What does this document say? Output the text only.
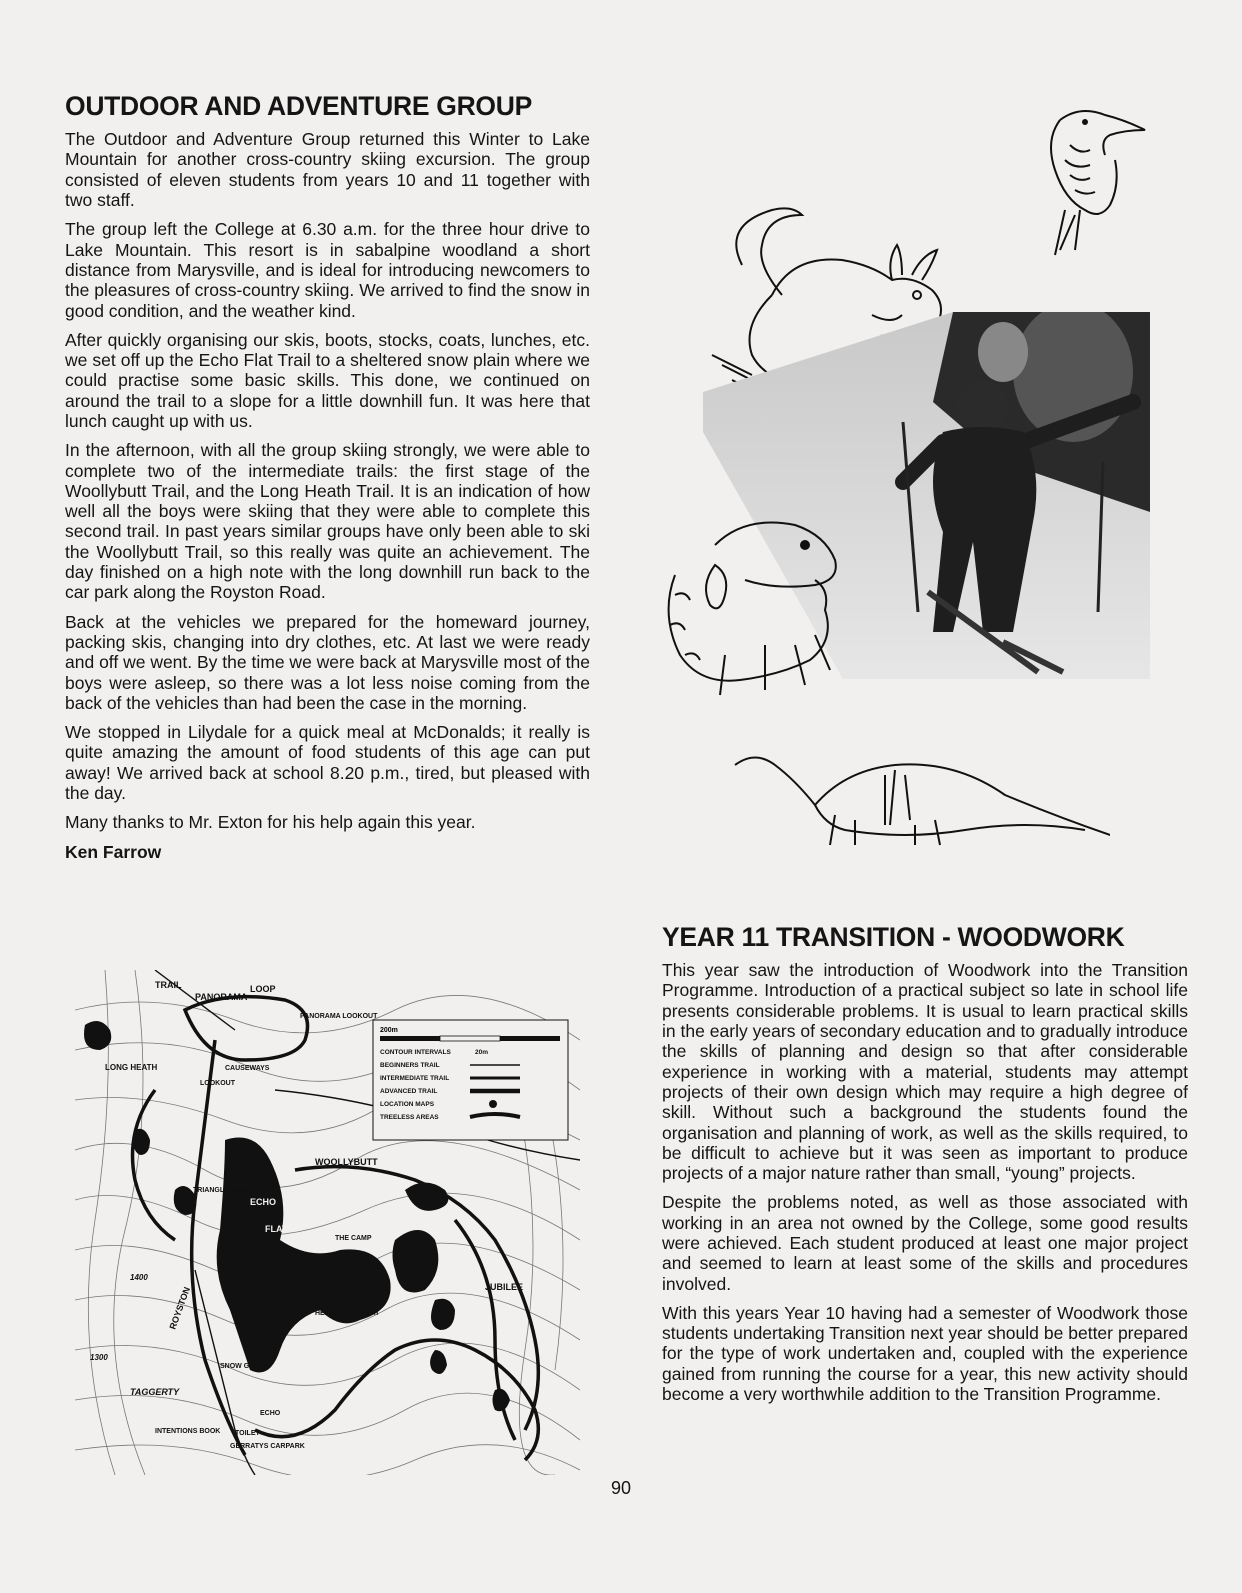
OUTDOOR AND ADVENTURE GROUP

The Outdoor and Adventure Group returned this Winter to Lake Mountain for another cross-country skiing excursion. The group consisted of eleven students from years 10 and 11 together with two staff.

The group left the College at 6.30 a.m. for the three hour drive to Lake Mountain. This resort is in sabalpine woodland a short distance from Marysville, and is ideal for introducing newcomers to the pleasures of cross-country skiing. We arrived to find the snow in good condition, and the weather kind.

After quickly organising our skis, boots, stocks, coats, lunches, etc. we set off up the Echo Flat Trail to a sheltered snow plain where we could practise some basic skills. This done, we continued on around the trail to a slope for a little downhill fun. It was here that lunch caught up with us.

In the afternoon, with all the group skiing strongly, we were able to complete two of the intermediate trails: the first stage of the Woollybutt Trail, and the Long Heath Trail. It is an indication of how well all the boys were skiing that they were able to complete this second trail. In past years similar groups have only been able to ski the Woollybutt Trail, so this really was quite an achievement. The day finished on a high note with the long downhill run back to the car park along the Royston Road.

Back at the vehicles we prepared for the homeward journey, packing skis, changing into dry clothes, etc. At last we were ready and off we went. By the time we were back at Marysville most of the boys were asleep, so there was a lot less noise coming from the back of the vehicles than had been the case in the morning.

We stopped in Lilydale for a quick meal at McDonalds; it really is quite amazing the amount of food students of this age can put away! We arrived back at school 8.20 p.m., tired, but pleased with the day.

Many thanks to Mr. Exton for his help again this year.

Ken Farrow
PANORAMA
LOOP
PANORAMA LOOKOUT
TRAIL
ECHO
FLAT
TRIANGLE JUNCTION
WOOLLYBUTT
THE CAMP
LITTLE
HELICOPTER FLAT
JUBILEE
ROYSTON
SNOW GAUGE
TAGGERTY
TOILET
GERRATYS CARPARK
INTENTIONS BOOK
1400
1300
LONG HEATH	CAUSEWAYS
LOOKOUT
ECHO
200m
CONTOUR INTERVALS	20m
BEGINNERS TRAIL
INTERMEDIATE TRAIL
ADVANCED TRAIL
LOCATION MAPS
TREELESS AREAS
YEAR 11 TRANSITION - WOODWORK

This year saw the introduction of Woodwork into the Transition Programme. Introduction of a practical subject so late in school life presents considerable problems. It is usual to learn practical skills in the early years of secondary education and to gradually introduce the skills of planning and design so that after considerable experience in working with a material, students may attempt projects of their own design which may require a high degree of skill. Without such a background the students found the organisation and planning of work, as well as the skills required, to be difficult to achieve but it was seen as important to produce projects of a major nature rather than small, “young” projects.

Despite the problems noted, as well as those associated with working in an area not owned by the College, some good results were achieved. Each student produced at least one major project and seemed to learn at least some of the skills and procedures involved.

With this years Year 10 having had a semester of Woodwork those students undertaking Transition next year should be better prepared for the type of work undertaken and, coupled with the experience gained from running the course for a year, this new activity should become a very worthwhile addition to the Transition Programme.

90
